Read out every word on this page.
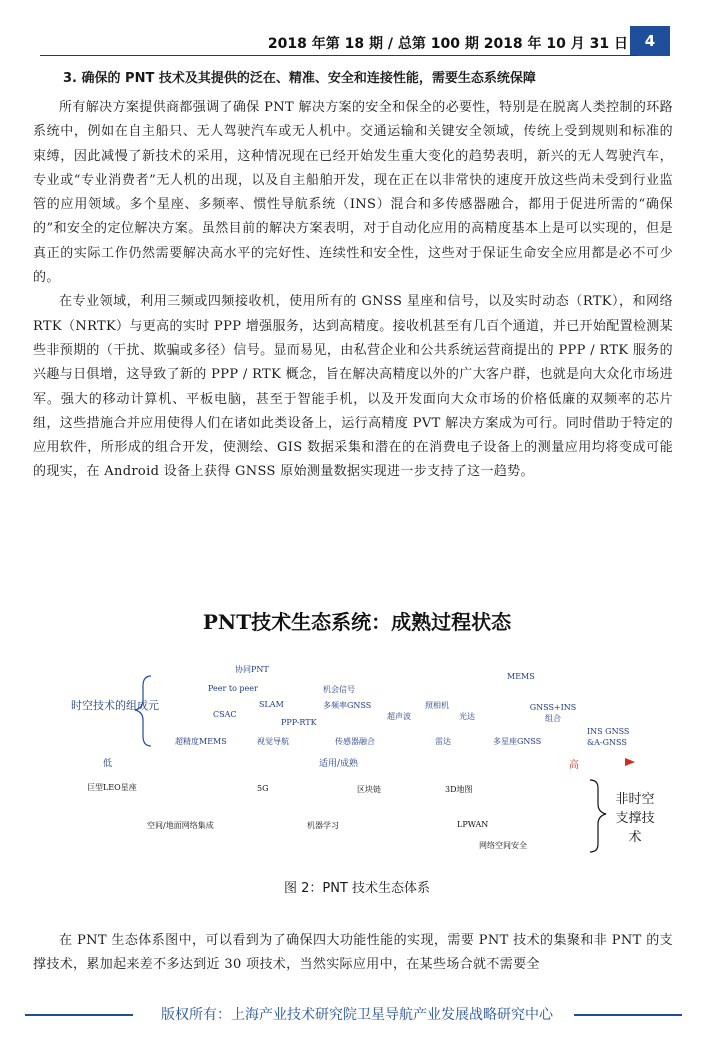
2018 年第 18 期 / 总第 100 期 2018 年 10 月 31 日	4
3. 确保的 PNT 技术及其提供的泛在、精准、安全和连接性能，需要生态系统保障

所有解决方案提供商都强调了确保 PNT 解决方案的安全和保全的必要性，特别是在脱离人类控制的环路系统中，例如在自主船只、无人驾驶汽车或无人机中。交通运输和关键安全领域，传统上受到规则和标准的束缚，因此减慢了新技术的采用，这种情况现在已经开始发生重大变化的趋势表明，新兴的无人驾驶汽车，专业或“专业消费者”无人机的出现，以及自主船舶开发，现在正在以非常快的速度开放这些尚未受到行业监管的应用领域。多个星座、多频率、惯性导航系统（INS）混合和多传感器融合，都用于促进所需的“确保的”和安全的定位解决方案。虽然目前的解决方案表明，对于自动化应用的高精度基本上是可以实现的，但是真正的实际工作仍然需要解决高水平的完好性、连续性和安全性，这些对于保证生命安全应用都是必不可少的。

在专业领域，利用三频或四频接收机，使用所有的 GNSS 星座和信号，以及实时动态（RTK），和网络 RTK（NRTK）与更高的实时 PPP 增强服务，达到高精度。接收机甚至有几百个通道，并已开始配置检测某些非预期的（干扰、欺骗或多径）信号。显而易见，由私营企业和公共系统运营商提出的 PPP / RTK 服务的兴趣与日俱增，这导致了新的 PPP / RTK 概念，旨在解决高精度以外的广大客户群，也就是向大众化市场进军。强大的移动计算机、平板电脑，甚至于智能手机，以及开发面向大众市场的价格低廉的双频率的芯片组，这些措施合并应用使得人们在诸如此类设备上，运行高精度 PVT 解决方案成为可行。同时借助于特定的应用软件，所形成的组合开发，使测绘、GIS 数据采集和潜在的在消费电子设备上的测量应用均将变成可能的现实，在 Android 设备上获得 GNSS 原始测量数据实现进一步支持了这一趋势。

PNT技术生态系统：成熟过程状态
时空技术的组成元
协同PNT
Peer to peer
SLAM
CSAC
PPP-RTK
机会信号
多频率GNSS
超声波
照相机
光达
MEMS
GNSS+INS组合
超精度MEMS	视觉导航	传感器融合	雷达	多星座GNSS
INS GNSS &A-GNSS
低	适用/成熟	高
巨型LEO星座	5G	区块链	3D地图
空间/地面网络集成	机器学习	LPWAN
网络空间安全
非时空支撑技术
图 2：PNT 技术生态体系

在 PNT 生态体系图中，可以看到为了确保四大功能性能的实现，需要 PNT 技术的集聚和非 PNT 的支撑技术，累加起来差不多达到近 30 项技术，当然实际应用中，在某些场合就不需要全

版权所有：上海产业技术研究院卫星导航产业发展战略研究中心
